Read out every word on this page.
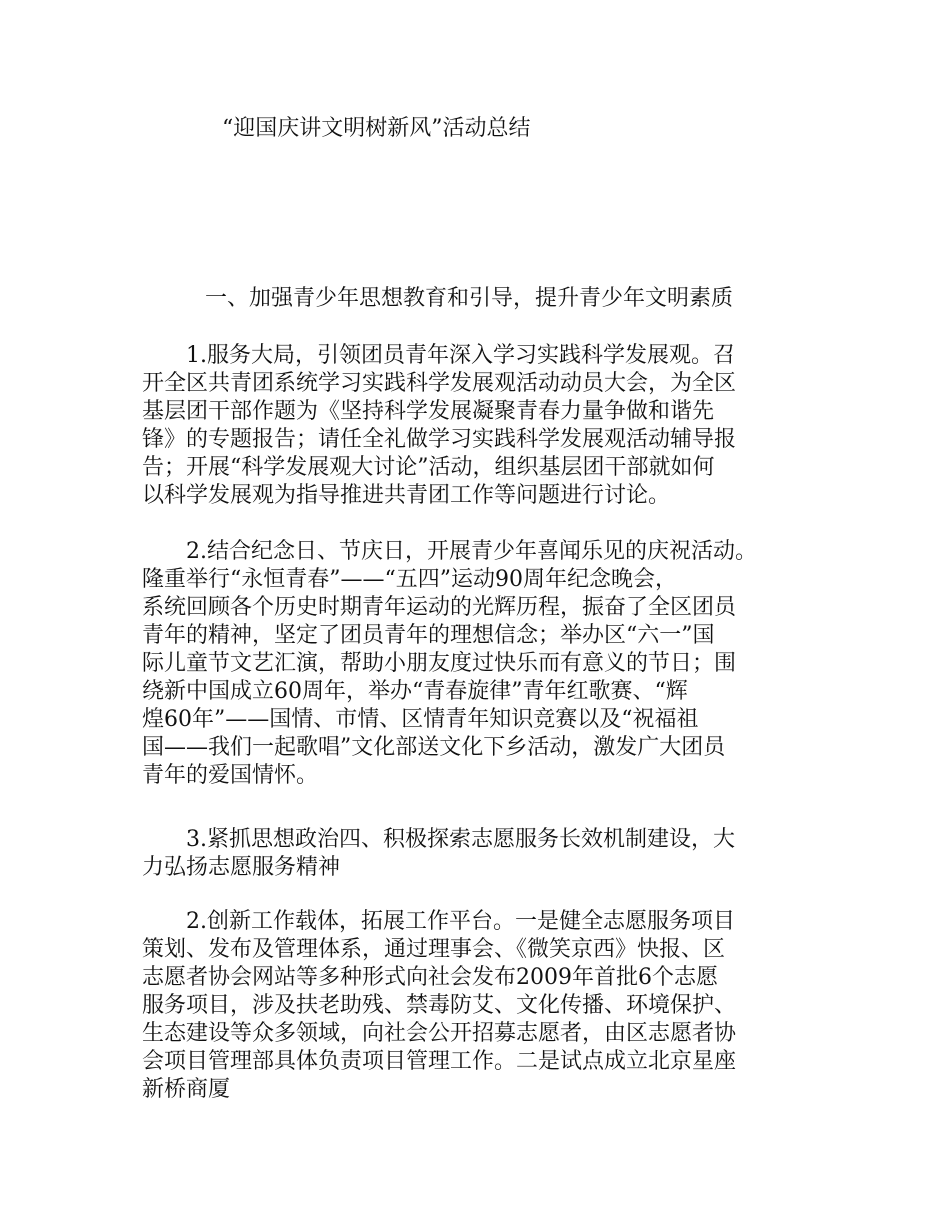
“迎国庆讲文明树新风”活动总结
一、加强青少年思想教育和引导，提升青少年文明素质
　　1.服务大局，引领团员青年深入学习实践科学发展观。召
开全区共青团系统学习实践科学发展观活动动员大会，为全区
基层团干部作题为《坚持科学发展凝聚青春力量争做和谐先
锋》的专题报告；请任全礼做学习实践科学发展观活动辅导报
告；开展“科学发展观大讨论”活动，组织基层团干部就如何
以科学发展观为指导推进共青团工作等问题进行讨论。
　　2.结合纪念日、节庆日，开展青少年喜闻乐见的庆祝活动。
隆重举行“永恒青春”——“五四”运动90周年纪念晚会，
系统回顾各个历史时期青年运动的光辉历程，振奋了全区团员
青年的精神，坚定了团员青年的理想信念；举办区“六一”国
际儿童节文艺汇演，帮助小朋友度过快乐而有意义的节日；围
绕新中国成立60周年，举办“青春旋律”青年红歌赛、“辉
煌60年”——国情、市情、区情青年知识竞赛以及“祝福祖
国——我们一起歌唱”文化部送文化下乡活动，激发广大团员
青年的爱国情怀。
　　3.紧抓思想政治四、积极探索志愿服务长效机制建设，大
力弘扬志愿服务精神
　　2.创新工作载体，拓展工作平台。一是健全志愿服务项目
策划、发布及管理体系，通过理事会、《微笑京西》快报、区
志愿者协会网站等多种形式向社会发布2009年首批6个志愿
服务项目，涉及扶老助残、禁毒防艾、文化传播、环境保护、
生态建设等众多领域，向社会公开招募志愿者，由区志愿者协
会项目管理部具体负责项目管理工作。二是试点成立北京星座
新桥商厦
